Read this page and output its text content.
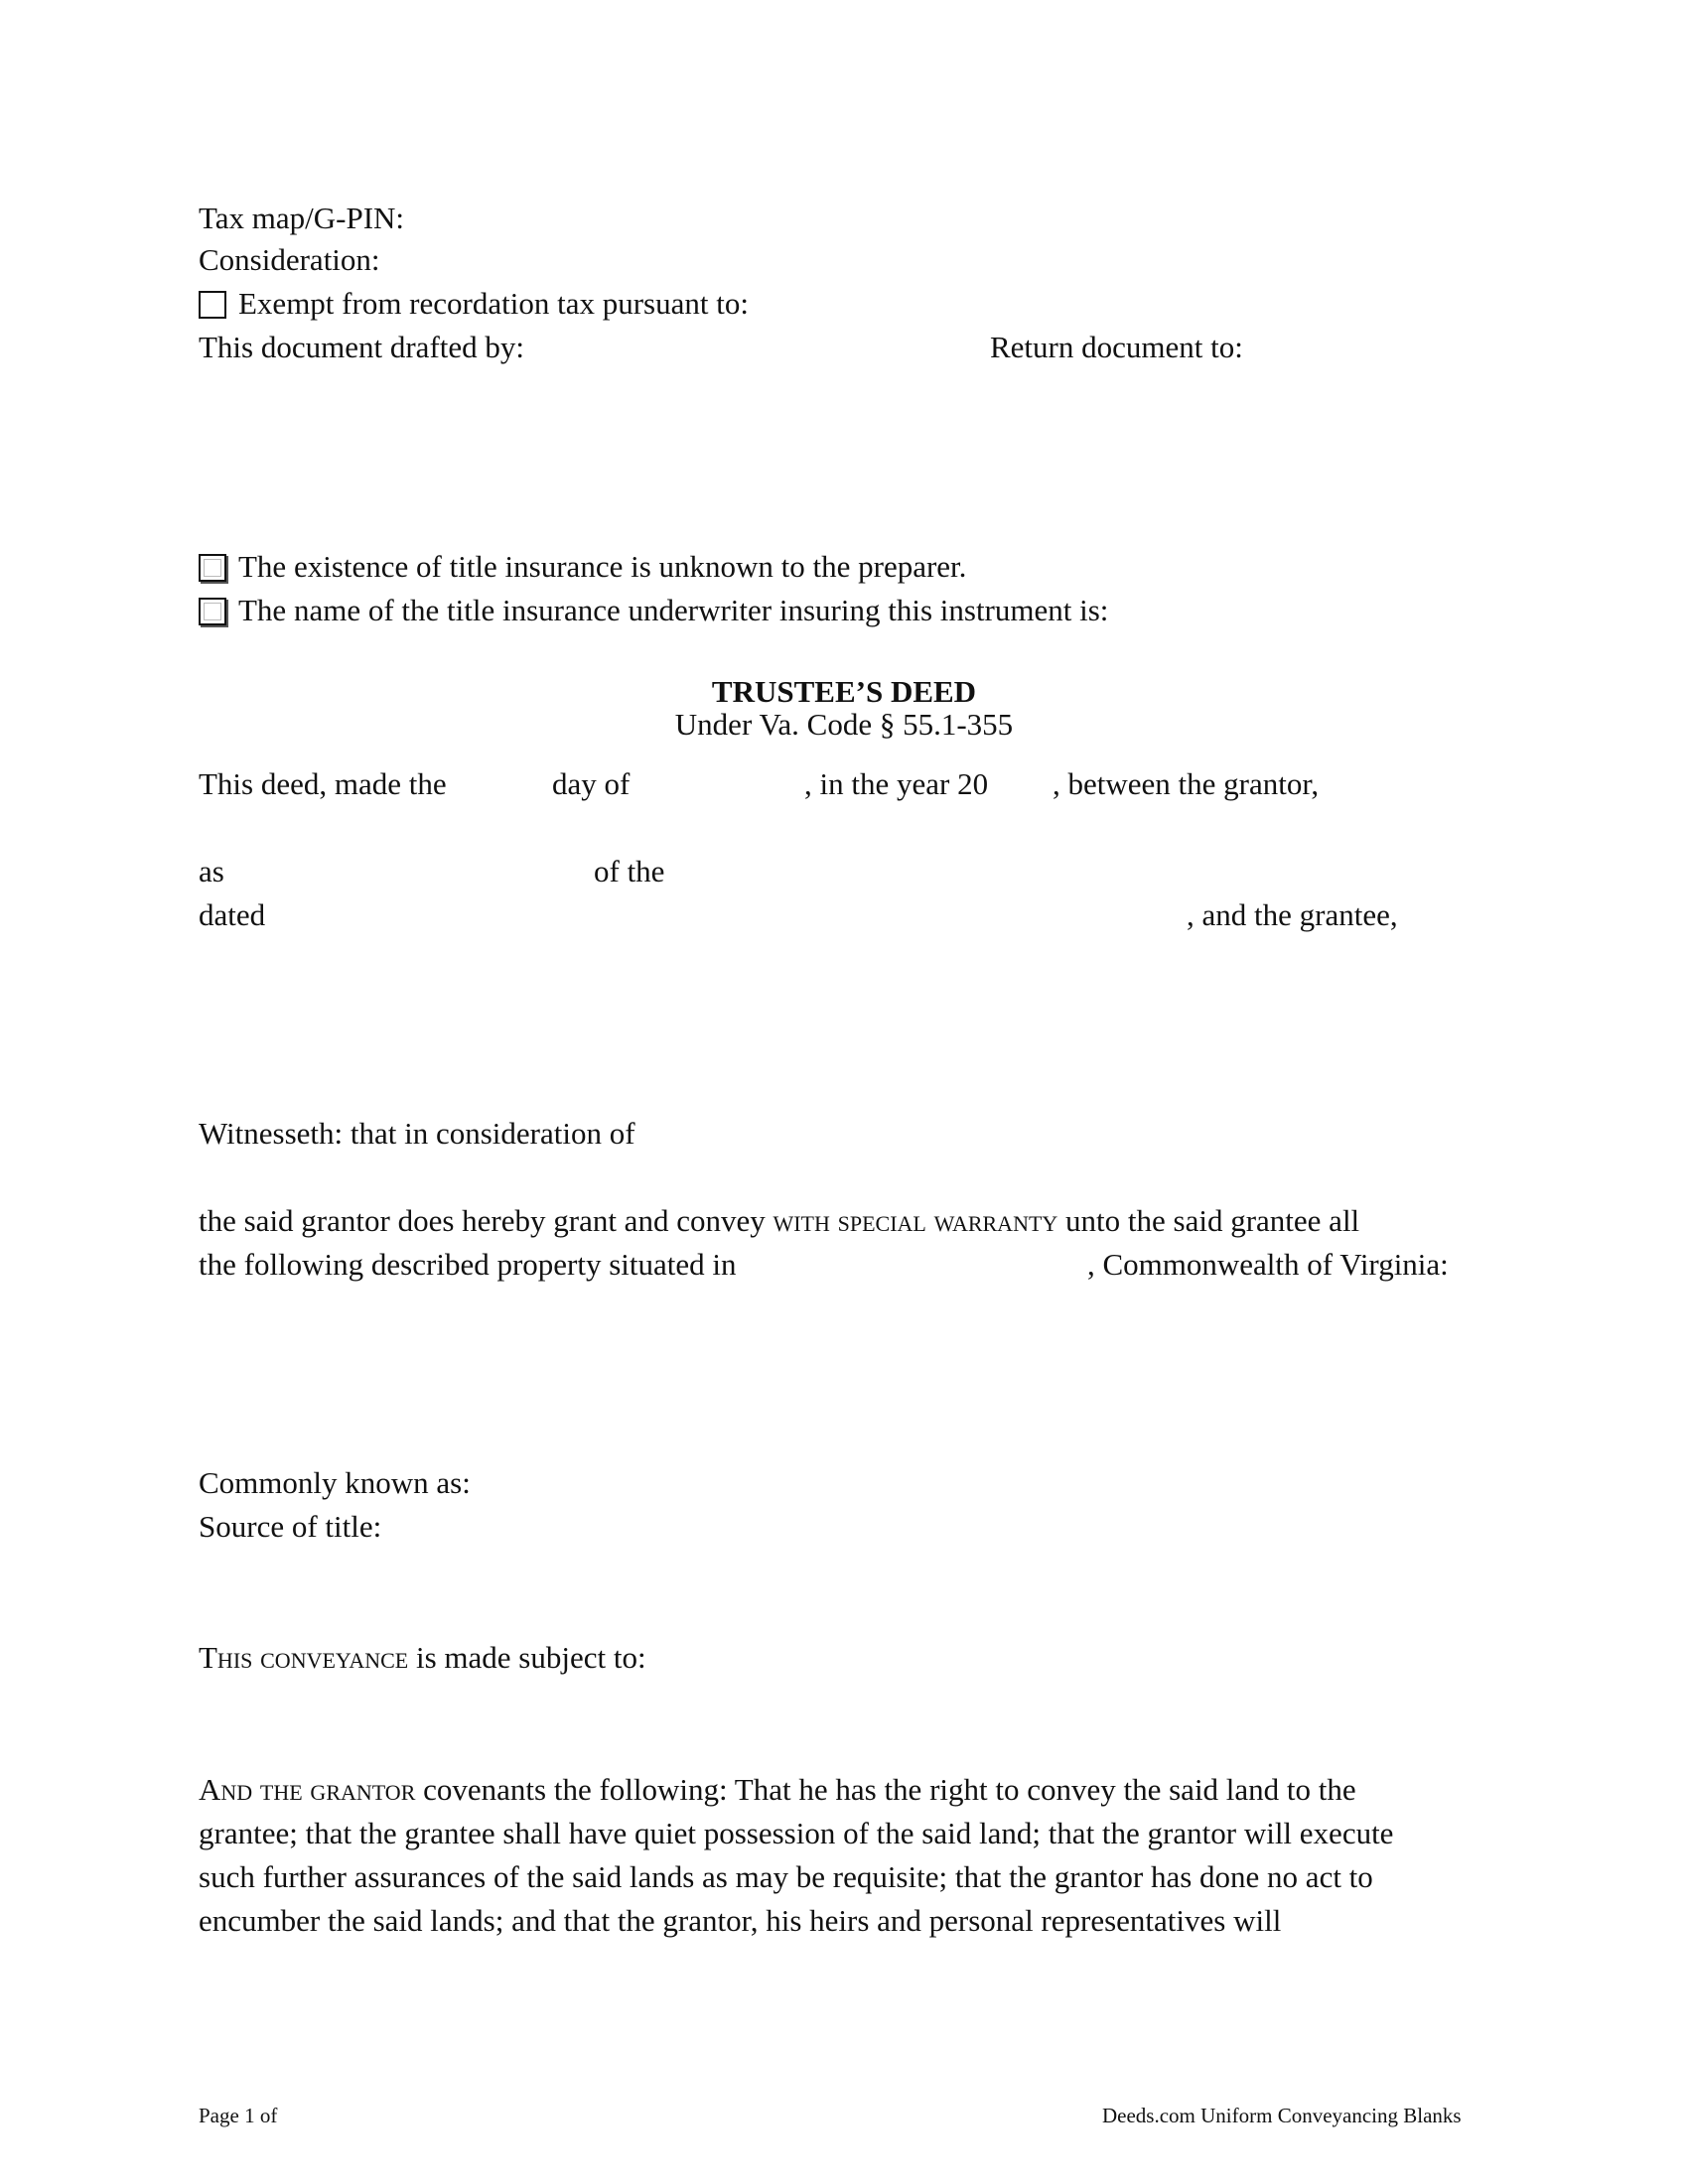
Tax map/G-PIN:
Consideration:
Exempt from recordation tax pursuant to:
This document drafted by:	Return document to:
The existence of title insurance is unknown to the preparer.
The name of the title insurance underwriter insuring this instrument is:
TRUSTEE’S DEED
Under Va. Code § 55.1-355
This deed, made the	day of	, in the year 20 , between the grantor,
as	of the
dated	, and the grantee,
Witnesseth: that in consideration of
the said grantor does hereby grant and convey with special warranty unto the said grantee all
the following described property situated in	, Commonwealth of Virginia:
Commonly known as:
Source of title:
This conveyance is made subject to:
And the grantor covenants the following: That he has the right to convey the said land to the
grantee; that the grantee shall have quiet possession of the said land; that the grantor will execute
such further assurances of the said lands as may be requisite; that the grantor has done no act to
encumber the said lands; and that the grantor, his heirs and personal representatives will
Page 1 of	Deeds.com Uniform Conveyancing Blanks
